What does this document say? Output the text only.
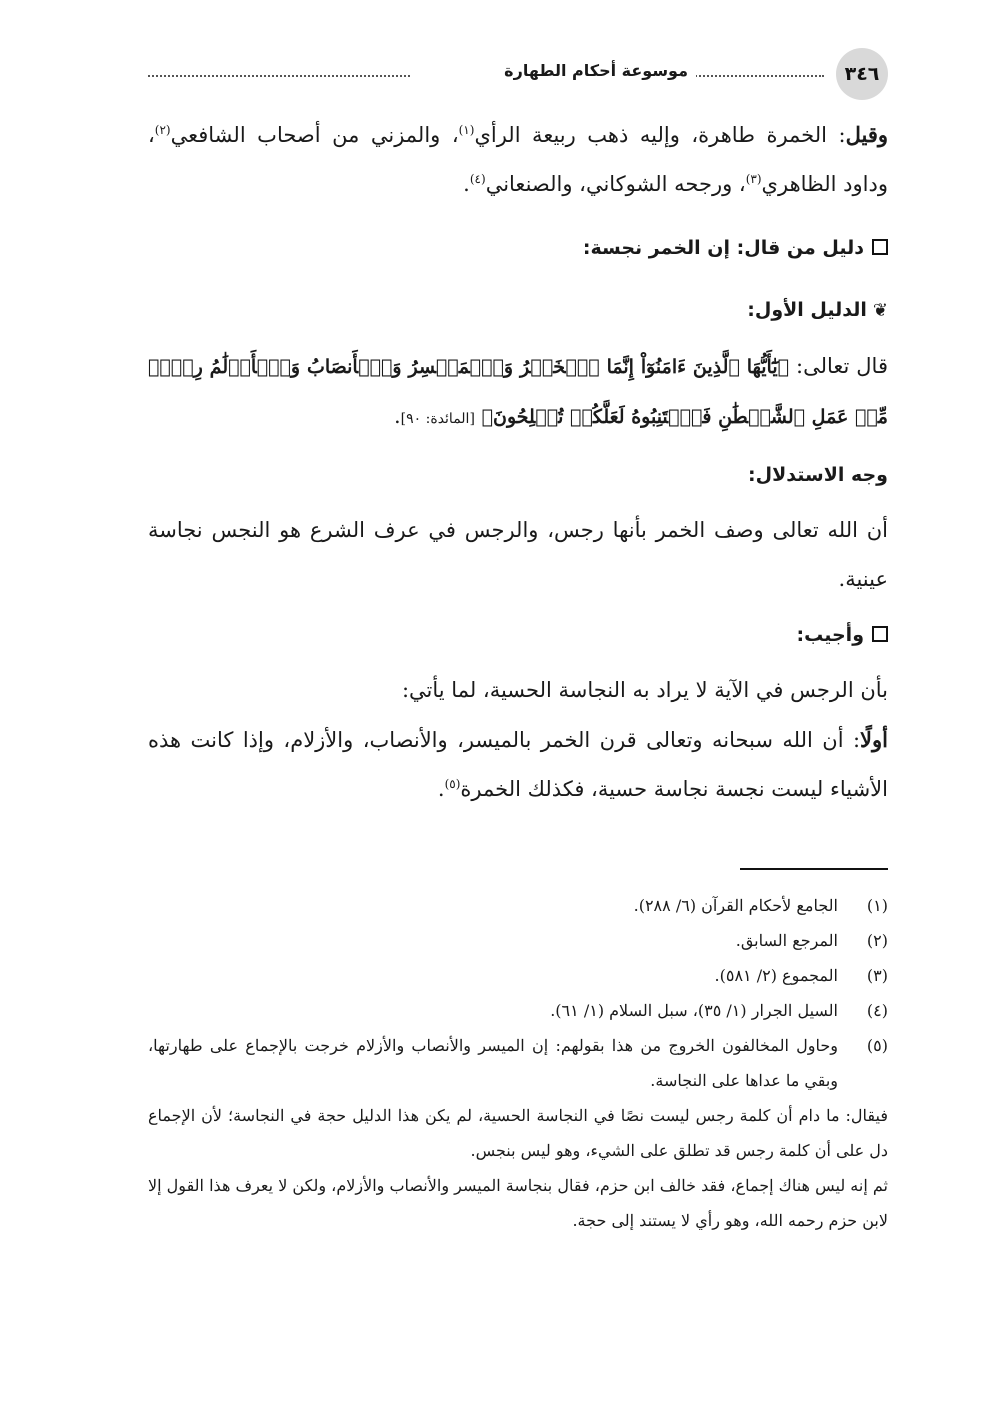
٣٤٦
موسوعة أحكام الطهارة

وقيل: الخمرة طاهرة، وإليه ذهب ربيعة الرأي$^{(١)}$، والمزني من أصحاب الشافعي$^{(٢)}$، وداود الظاهري$^{(٣)}$، ورجحه الشوكاني، والصنعاني$^{(٤)}$.

دليل من قال: إن الخمر نجسة:

❦الدليل الأول:

قال تعالى: ﴿يَٰٓأَيُّهَا ٱلَّذِينَ ءَامَنُوٓاْ إِنَّمَا ٱلۡخَمۡرُ وَٱلۡمَيۡسِرُ وَٱلۡأَنصَابُ وَٱلۡأَزۡلَٰمُ رِجۡسٞ مِّنۡ عَمَلِ ٱلشَّيۡطَٰنِ فَٱجۡتَنِبُوهُ لَعَلَّكُمۡ تُفۡلِحُونَ﴾ [المائدة: ٩٠].

وجه الاستدلال:

أن الله تعالى وصف الخمر بأنها رجس، والرجس في عرف الشرع هو النجس نجاسة عينية.

وأجيب:

بأن الرجس في الآية لا يراد به النجاسة الحسية، لما يأتي:

أولًا: أن الله سبحانه وتعالى قرن الخمر بالميسر، والأنصاب، والأزلام، وإذا كانت هذه الأشياء ليست نجسة نجاسة حسية، فكذلك الخمرة$^{(٥)}$.

(١)
الجامع لأحكام القرآن (٦/ ٢٨٨).
(٢)
المرجع السابق.
(٣)
المجموع (٢/ ٥٨١).
(٤)
السيل الجرار (١/ ٣٥)، سبل السلام (١/ ٦١).
(٥)
وحاول المخالفون الخروج من هذا بقولهم: إن الميسر والأنصاب والأزلام خرجت بالإجماع على طهارتها، وبقي ما عداها على النجاسة.

فيقال: ما دام أن كلمة رجس ليست نصًا في النجاسة الحسية، لم يكن هذا الدليل حجة في النجاسة؛ لأن الإجماع دل على أن كلمة رجس قد تطلق على الشيء، وهو ليس بنجس.

ثم إنه ليس هناك إجماع، فقد خالف ابن حزم، فقال بنجاسة الميسر والأنصاب والأزلام، ولكن لا يعرف هذا القول إلا لابن حزم رحمه الله، وهو رأي لا يستند إلى حجة.
